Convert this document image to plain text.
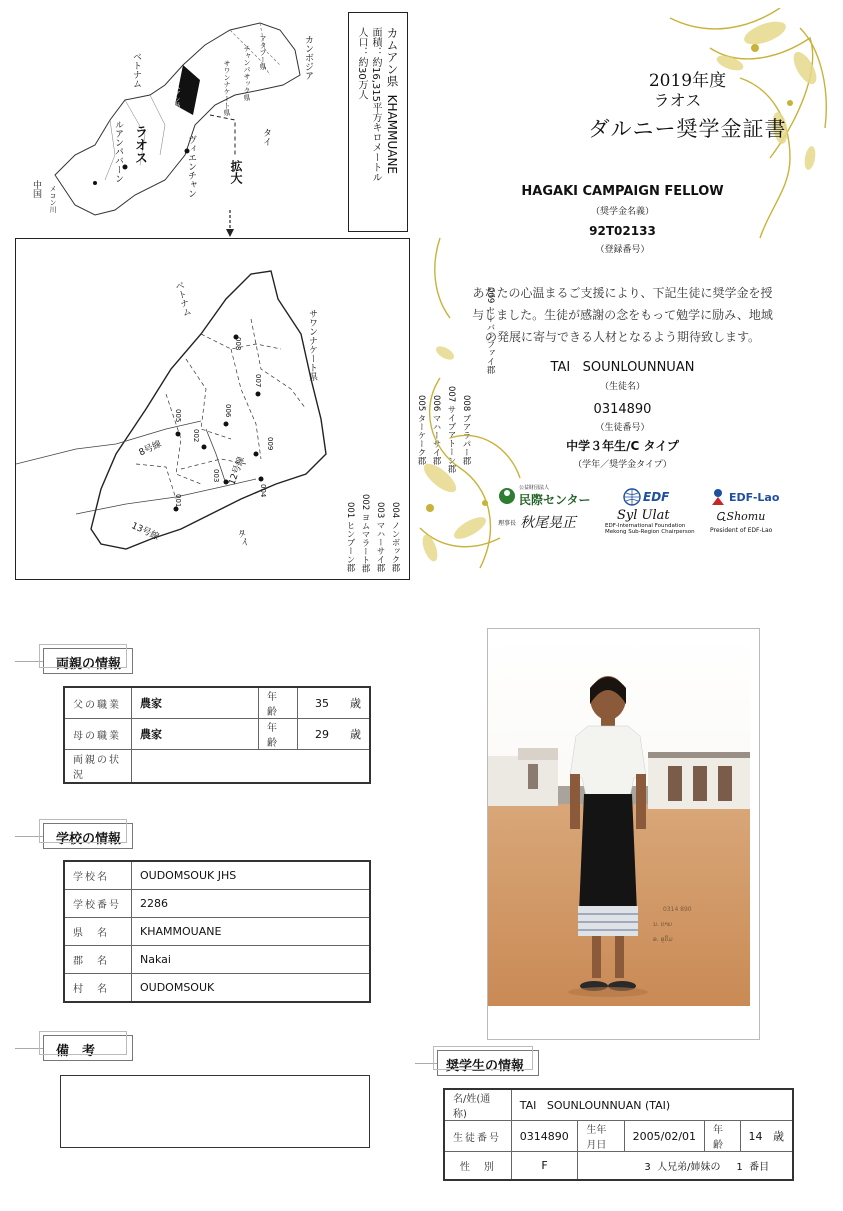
ベトナム
ラオス
カンボジア
タイ
中国
ルアンパバーン	ヴィエンチャン
サワンナケート県
カムアン県
アタプー県
チャンパサック県
メコン川
拡大
カムアン県  KHAMMUANE
面積：約16,315平方キロメートル
人口：約30万人
ベトナム
サワンナケート県
タイ
8号線
12号線
13号線
001
002
003
004
005	006
007
008
009
009 セーバンファイ郡
008 ブアラパー郡
007 サイブアトーン郡
006 マハーサイ郡
005 ターケーク郡
004 ノンボック郡
003 マハーサイ郡
002 ヨムマラート郡
001 ヒンブーン郡
2019年度
ラオス
ダルニー奨学金証書
HAGAKI CAMPAIGN FELLOW
（奨学金名義）
92T02133
（登録番号）
あなたの心温まるご支援により、下記生徒に奨学金を授
与しました。生徒が感謝の念をもって勉学に励み、地域
の発展に寄与できる人材となるよう期待致します。
TAI   SOUNLOUNNUAN
（生徒名）
0314890
（生徒番号）
中学３年生/C タイプ
（学年／奨学金タイプ）
公益財団法人
民際センター
理事長 秋尾晃正
EDF
Syl Ulat
EDF-International Foundation
Mekong Sub-Region Chairperson
EDF-Lao
ᏩShomu
President of EDF-Lao
両親の情報
父の職業	農家	年齢	35 歳
母の職業	農家	年齢	29 歳
両親の状況			
学校の情報
学校名	OUDOMSOUK JHS
学校番号	2286
県　名	KHAMMOUANE
郡　名	Nakai
村　名	OUDOMSOUK
備　考
0314 890
ນ. ຕາຍ
ອ. ອຸດົມ
奨学生の情報
名/姓(通称)	TAI   SOUNLOUNNUAN (TAI)				
生徒番号	0314890	生年月日	2005/02/01	年齢	14 歳
性　別	F	3 人兄弟/姉妹の 1 番目			
